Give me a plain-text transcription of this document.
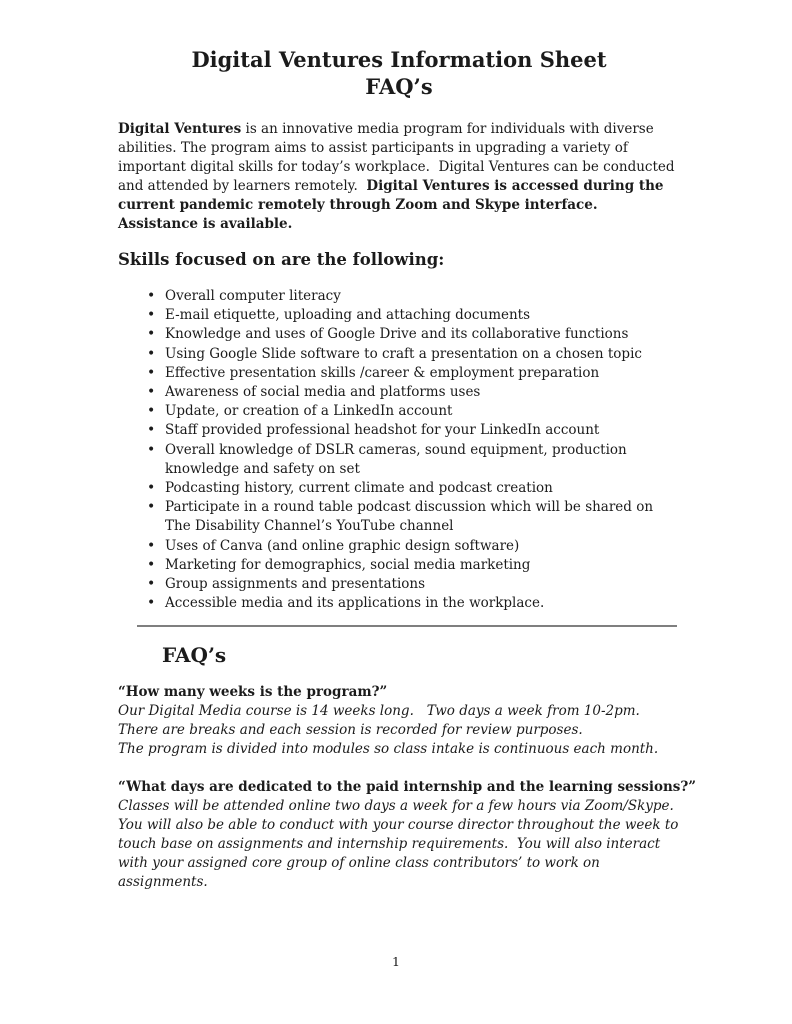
Digital Ventures Information Sheet
FAQ’s

Digital Ventures is an innovative media program for individuals with diverse abilities. The program aims to assist participants in upgrading a variety of important digital skills for today’s workplace.  Digital Ventures can be conducted and attended by learners remotely.  Digital Ventures is accessed during the current pandemic remotely through Zoom and Skype interface. Assistance is available.

Skills focused on are the following:
• Overall computer literacy
• E-mail etiquette, uploading and attaching documents
• Knowledge and uses of Google Drive and its collaborative functions
• Using Google Slide software to craft a presentation on a chosen topic
• Effective presentation skills /career & employment preparation
• Awareness of social media and platforms uses
• Update, or creation of a LinkedIn account
• Staff provided professional headshot for your LinkedIn account
• Overall knowledge of DSLR cameras, sound equipment, production knowledge and safety on set
• Podcasting history, current climate and podcast creation
• Participate in a round table podcast discussion which will be shared on The Disability Channel’s YouTube channel
• Uses of Canva (and online graphic design software)
• Marketing for demographics, social media marketing
• Group assignments and presentations
• Accessible media and its applications in the workplace.
FAQ’s
“How many weeks is the program?”
Our Digital Media course is 14 weeks long.   Two days a week from 10-2pm. There are breaks and each session is recorded for review purposes.
The program is divided into modules so class intake is continuous each month.
“What days are dedicated to the paid internship and the learning sessions?”
Classes will be attended online two days a week for a few hours via Zoom/Skype. You will also be able to conduct with your course director throughout the week to touch base on assignments and internship requirements.  You will also interact with your assigned core group of online class contributors’ to work on assignments.
1
